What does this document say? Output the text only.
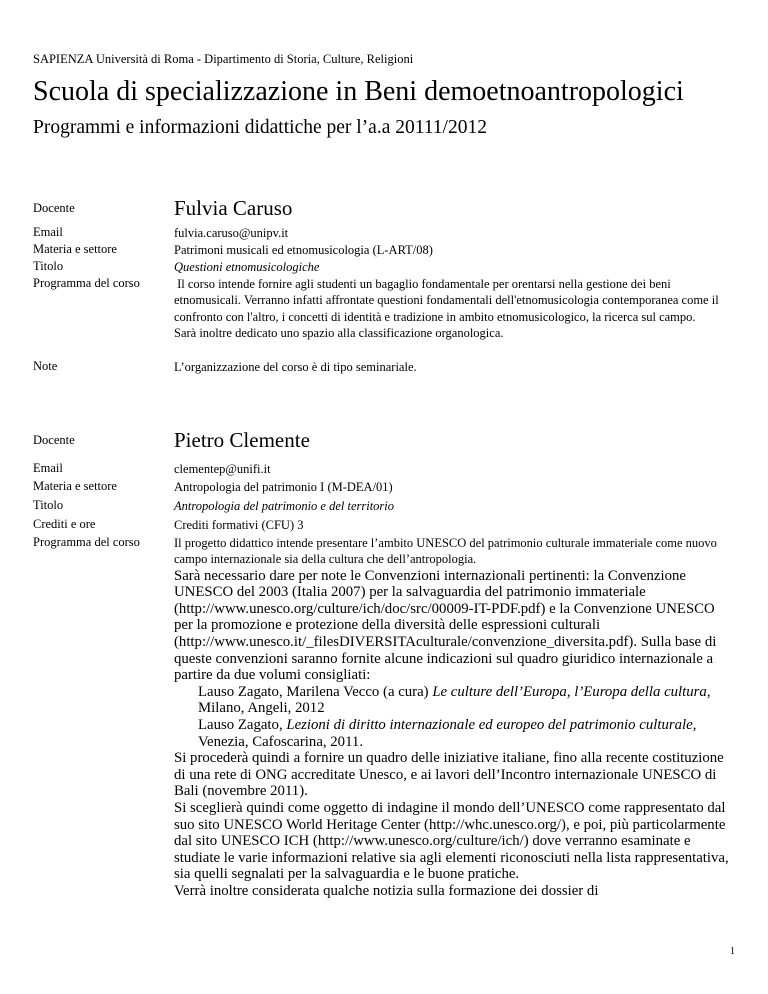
SAPIENZA Università di Roma - Dipartimento di Storia, Culture, Religioni
Scuola di specializzazione in Beni demoetnoantropologici
Programmi e informazioni didattiche per l’a.a 20111/2012
Docente	Fulvia Caruso
Email	fulvia.caruso@unipv.it
Materia e settore	Patrimoni musicali ed etnomusicologia (L-ART/08)
Titolo	Questioni etnomusicologiche
Programma del corso	Il corso intende fornire agli studenti un bagaglio fondamentale per orentarsi nella gestione dei beni etnomusicali. Verranno infatti affrontate questioni fondamentali dell'etnomusicologia contemporanea come il confronto con l'altro, i concetti di identità e tradizione in ambito etnomusicologico, la ricerca sul campo. Sarà inoltre dedicato uno spazio alla classificazione organologica.
Note	L’organizzazione del corso è di tipo seminariale.
Docente	Pietro Clemente
Email	clementep@unifi.it
Materia e settore	Antropologia del patrimonio I (M-DEA/01)
Titolo	Antropologia del patrimonio e del territorio
Crediti e ore	Crediti formativi (CFU) 3
Programma del corso	Il progetto didattico intende presentare l’ambito UNESCO del patrimonio culturale immateriale come nuovo campo internazionale sia della cultura che dell’antropologia.

Sarà necessario dare per note le Convenzioni internazionali pertinenti: la Convenzione UNESCO del 2003 (Italia 2007) per la salvaguardia del patrimonio immateriale (http://www.unesco.org/culture/ich/doc/src/00009-IT-PDF.pdf) e la Convenzione UNESCO per la promozione e protezione della diversità delle espressioni culturali (http://www.unesco.it/_filesDIVERSITAculturale/convenzione_diversita.pdf). Sulla base di queste convenzioni saranno fornite alcune indicazioni sul quadro giuridico internazionale a partire da due volumi consigliati:

Lauso Zagato, Marilena Vecco (a cura) Le culture dell’Europa, l’Europa della cultura, Milano, Angeli, 2012

Lauso Zagato, Lezioni di diritto internazionale ed europeo del patrimonio culturale, Venezia, Cafoscarina, 2011.

Si procederà quindi a fornire un quadro delle iniziative italiane, fino alla recente costituzione di una rete di ONG accreditate Unesco, e ai lavori dell’Incontro internazionale UNESCO di Bali (novembre 2011).

Si sceglierà quindi come oggetto di indagine il mondo dell’UNESCO come rappresentato dal suo sito UNESCO World Heritage Center (http://whc.unesco.org/), e poi, più particolarmente dal sito UNESCO ICH (http://www.unesco.org/culture/ich/) dove verranno esaminate e studiate le varie informazioni relative sia agli elementi riconosciuti nella lista rappresentativa, sia quelli segnalati per la salvaguardia e le buone pratiche.

Verrà inoltre considerata qualche notizia sulla formazione dei dossier di

1
